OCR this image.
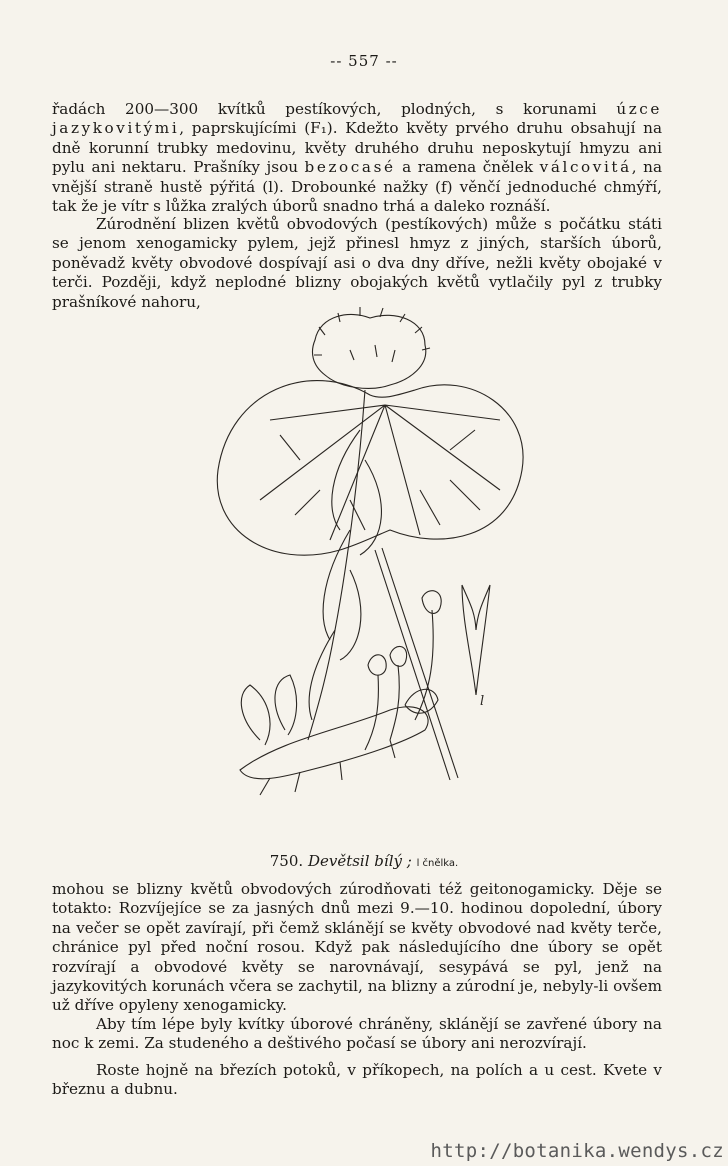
-- 557 --

řadách 200—300 kvítků pestíkových, plodných, s korunami úzce jazykovitými, paprskujícími (F₁). Kdežto květy prvého druhu obsahují na dně korunní trubky medovinu, květy druhého druhu neposkytují hmyzu ani pylu ani nektaru. Prašníky jsou bezocasé a ramena čnělek válcovitá, na vnější straně hustě pýřitá (l). Drobounké nažky (f) věnčí jednoduché chmýří, tak že je vítr s lůžka zralých úborů snadno trhá a daleko roznáší.

Zúrodnění blizen květů obvodových (pestíkových) může s počátku státi se jenom xenogamicky pylem, jejž přinesl hmyz z jiných, starších úborů, poněvadž květy obvodové dospívají asi o dva dny dříve, nežli květy obojaké v terči. Později, když neplodné blizny obojakých květů vytlačily pyl z trubky prašníkové nahoru,

l
750. Devětsil bílý ; l čnělka.

mohou se blizny květů obvodových zúrodňovati též geitonogamicky. Děje se totakto: Rozvíjejíce se za jasných dnů mezi 9.—10. hodinou dopolední, úbory na večer se opět zavírají, při čemž sklánějí se květy obvodové nad květy terče, chránice pyl před noční rosou. Když pak následujícího dne úbory se opět rozvírají a obvodové květy se narovnávají, sesypává se pyl, jenž na jazykovitých korunách včera se zachytil, na blizny a zúrodní je, nebyly-li ovšem už dříve opyleny xenogamicky.

Aby tím lépe byly kvítky úborové chráněny, sklánějí se zavřené úbory na noc k zemi. Za studeného a deštivého počasí se úbory ani nerozvírají.

Roste hojně na březích potoků, v příkopech, na polích a u cest. Kvete v březnu a dubnu.

http://botanika.wendys.cz
